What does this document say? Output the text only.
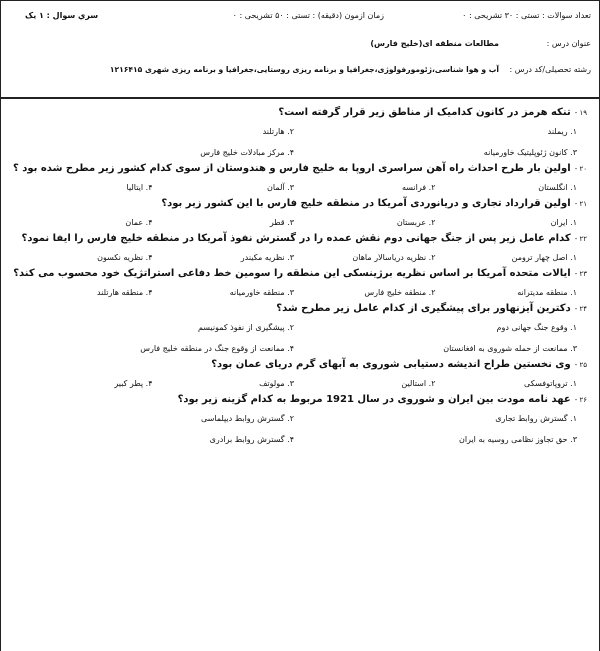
تعداد سوالات : تستی : ۳۰ تشریحی : ۰
زمان ازمون (دقیقه) : تستی : ۵۰ تشریحی : ۰
سري سوال : ۱ يک
عنوان درس :
مطالعات منطقه ای(خلیج فارس)
رشته تحصیلی/کد درس :
آب و هوا شناسی،ژئومورفولوژی،جغرافیا و برنامه ریزی روستایی،جغرافیا و برنامه ریزی شهری ۱۲۱۶۴۱۵
۱۹ -
تنکه هرمز در کانون کدامیک از مناطق زیر قرار گرفته است؟
۱. ریملند
۲. هارتلند
۳. کانون ژئوپلیتیک خاورمیانه
۴. مرکز مبادلات خلیج فارس
۲۰ -
اولین بار طرح احداث راه آهن سراسری اروپا به خلیج فارس و هندوستان از سوی کدام کشور زیر مطرح شده بود ؟
۱. انگلستان
۲. فرانسه
۳. آلمان
۴. ایتالیا
۲۱ -
اولین قرارداد تجاری و دریانوردی آمریکا در منطقه خلیج فارس با این کشور زیر بود؟
۱. ایران
۲. عربستان
۳. قطر
۴. عمان
۲۲ -
کدام عامل زیر پس از جنگ جهانی دوم نقش عمده را در گسترش نفوذ آمریکا در منطقه خلیج فارس را ایفا نمود؟
۱. اصل چهار ترومن
۲. نظریه دریاسالار ماهان
۳. نظریه مکیندر
۴. نظریه نکسون
۲۳ -
ایالات متحده آمریکا بر اساس نظریه برژینسکی این منطقه را سومین خط دفاعی استراتژیک خود محسوب می کند؟
۱. منطقه مدیترانه
۲. منطقه خلیج فارس
۳. منطقه خاورمیانه
۴. منطقه هارتلند
۲۴ -
دکترین آیزنهاور برای پیشگیری از کدام عامل زیر مطرح شد؟
۱. وقوع جنگ جهانی دوم
۲. پیشگیری از نفوذ کمونیسم
۳. ممانعت از حمله شوروی به افغانستان
۴. ممانعت از وقوع جنگ در منطقه خلیج فارس
۲۵ -
وی نخستین طراح اندیشه دستیابی شوروی به آبهای گرم دریای عمان بود؟
۱. تروپاتوفسکی
۲. استالین
۳. مولوتف
۴. پطر کبیر
۲۶ -
عهد نامه مودت بین ایران و شوروی در سال 1921 مربوط به کدام گزینه زیر بود؟
۱. گسترش روابط تجاری
۲. گسترش روابط دیپلماسی
۳. حق تجاوز نظامی روسیه به ایران
۴. گسترش روابط برادری
